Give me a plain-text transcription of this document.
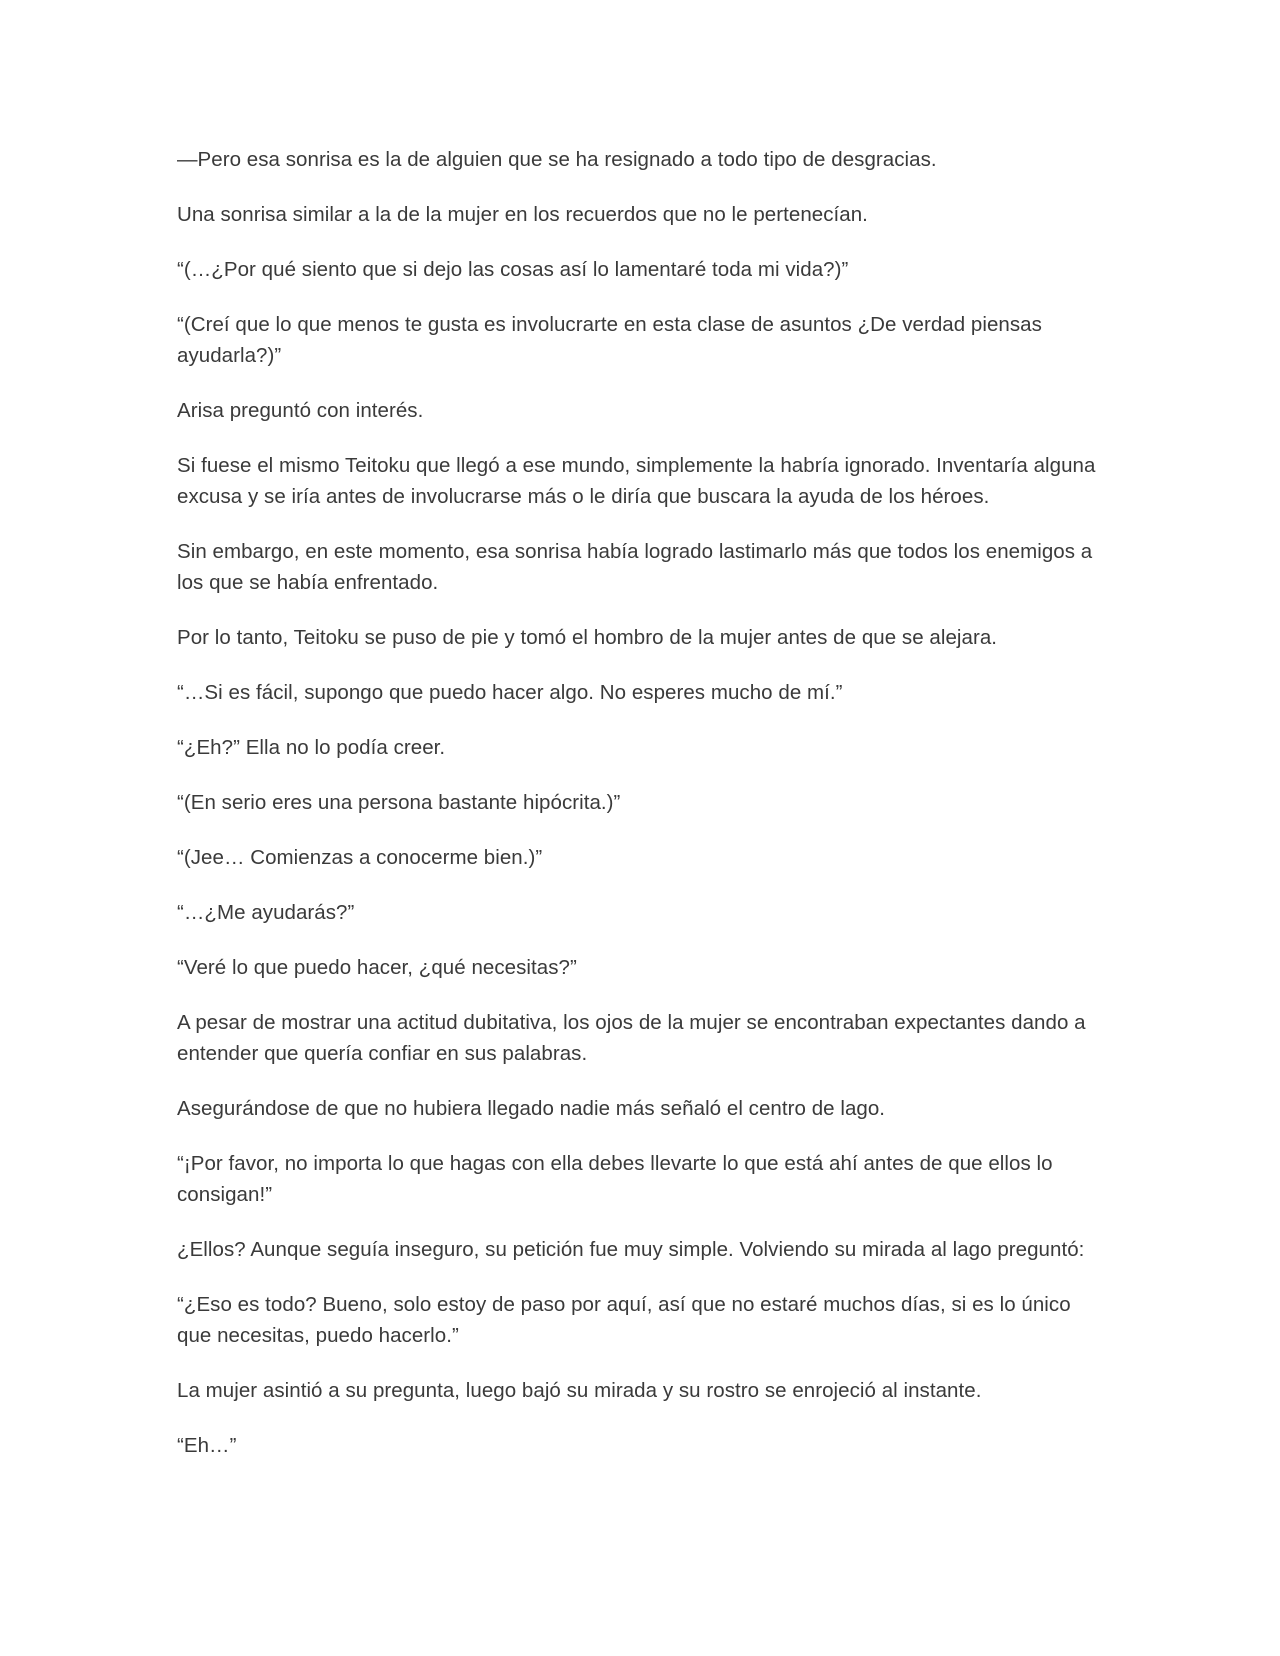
—Pero esa sonrisa es la de alguien que se ha resignado a todo tipo de desgracias.

Una sonrisa similar a la de la mujer en los recuerdos que no le pertenecían.

“(…¿Por qué siento que si dejo las cosas así lo lamentaré toda mi vida?)”

“(Creí que lo que menos te gusta es involucrarte en esta clase de asuntos ¿De verdad piensas ayudarla?)”

Arisa preguntó con interés.

Si fuese el mismo Teitoku que llegó a ese mundo, simplemente la habría ignorado. Inventaría alguna excusa y se iría antes de involucrarse más o le diría que buscara la ayuda de los héroes.

Sin embargo, en este momento, esa sonrisa había logrado lastimarlo más que todos los enemigos a los que se había enfrentado.

Por lo tanto, Teitoku se puso de pie y tomó el hombro de la mujer antes de que se alejara.

“…Si es fácil, supongo que puedo hacer algo. No esperes mucho de mí.”

“¿Eh?” Ella no lo podía creer.

“(En serio eres una persona bastante hipócrita.)”

“(Jee… Comienzas a conocerme bien.)”

“…¿Me ayudarás?”

“Veré lo que puedo hacer, ¿qué necesitas?”

A pesar de mostrar una actitud dubitativa, los ojos de la mujer se encontraban expectantes dando a entender que quería confiar en sus palabras.

Asegurándose de que no hubiera llegado nadie más señaló el centro de lago.

“¡Por favor, no importa lo que hagas con ella debes llevarte lo que está ahí antes de que ellos lo consigan!”

¿Ellos? Aunque seguía inseguro, su petición fue muy simple. Volviendo su mirada al lago preguntó:

“¿Eso es todo? Bueno, solo estoy de paso por aquí, así que no estaré muchos días, si es lo único que necesitas, puedo hacerlo.”

La mujer asintió a su pregunta, luego bajó su mirada y su rostro se enrojeció al instante.

“Eh…”
